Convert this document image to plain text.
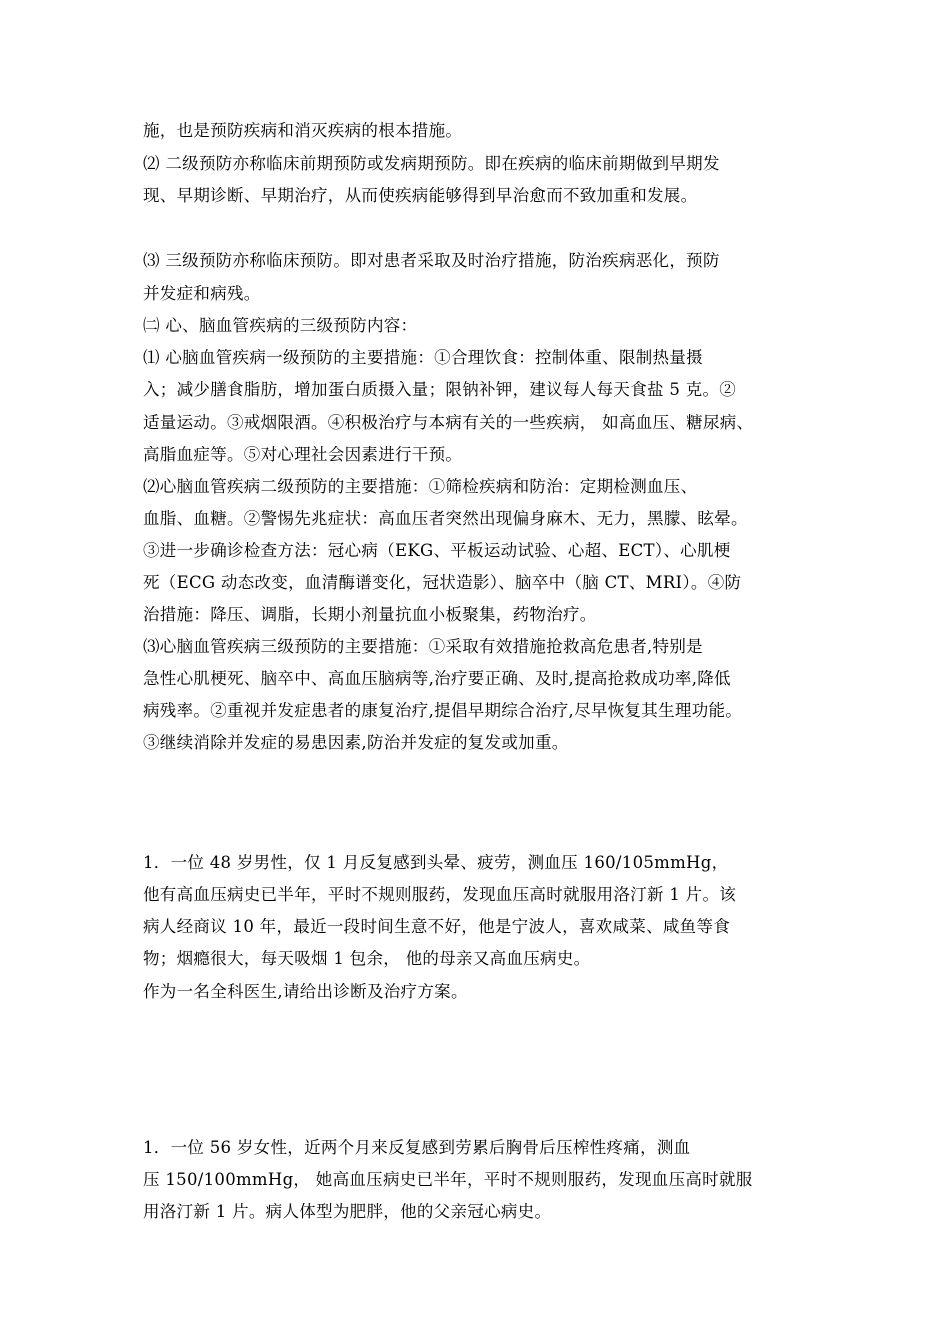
施，也是预防疾病和消灭疾病的根本措施。
⑵ 二级预防亦称临床前期预防或发病期预防。即在疾病的临床前期做到早期发
现、早期诊断、早期治疗，从而使疾病能够得到早治愈而不致加重和发展。
⑶ 三级预防亦称临床预防。即对患者采取及时治疗措施，防治疾病恶化，预防
并发症和病残。
㈡ 心、脑血管疾病的三级预防内容：
⑴ 心脑血管疾病一级预防的主要措施：①合理饮食：控制体重、限制热量摄
入；减少膳食脂肪，增加蛋白质摄入量；限钠补钾，建议每人每天食盐 5 克。②
适量运动。③戒烟限酒。④积极治疗与本病有关的一些疾病， 如高血压、糖尿病、
高脂血症等。⑤对心理社会因素进行干预。
⑵心脑血管疾病二级预防的主要措施：①筛检疾病和防治：定期检测血压、
血脂、血糖。②警惕先兆症状：高血压者突然出现偏身麻木、无力，黑朦、眩晕。
③进一步确诊检查方法：冠心病（EKG、平板运动试验、心超、ECT）、心肌梗
死（ECG 动态改变，血清酶谱变化，冠状造影）、脑卒中（脑 CT、MRI）。④防
治措施：降压、调脂，长期小剂量抗血小板聚集，药物治疗。
⑶心脑血管疾病三级预防的主要措施：①采取有效措施抢救高危患者,特别是
急性心肌梗死、脑卒中、高血压脑病等,治疗要正确、及时,提高抢救成功率,降低
病残率。②重视并发症患者的康复治疗,提倡早期综合治疗,尽早恢复其生理功能。
③继续消除并发症的易患因素,防治并发症的复发或加重。
1．一位 48 岁男性，仅 1 月反复感到头晕、疲劳，测血压 160/105mmHg，
他有高血压病史已半年，平时不规则服药，发现血压高时就服用洛汀新 1 片。该
病人经商议 10 年，最近一段时间生意不好，他是宁波人，喜欢咸菜、咸鱼等食
物；烟瘾很大，每天吸烟 1 包余， 他的母亲又高血压病史。
作为一名全科医生,请给出诊断及治疗方案。
1．一位 56 岁女性，近两个月来反复感到劳累后胸骨后压榨性疼痛，测血
压 150/100mmHg， 她高血压病史已半年，平时不规则服药，发现血压高时就服
用洛汀新 1 片。病人体型为肥胖，他的父亲冠心病史。
